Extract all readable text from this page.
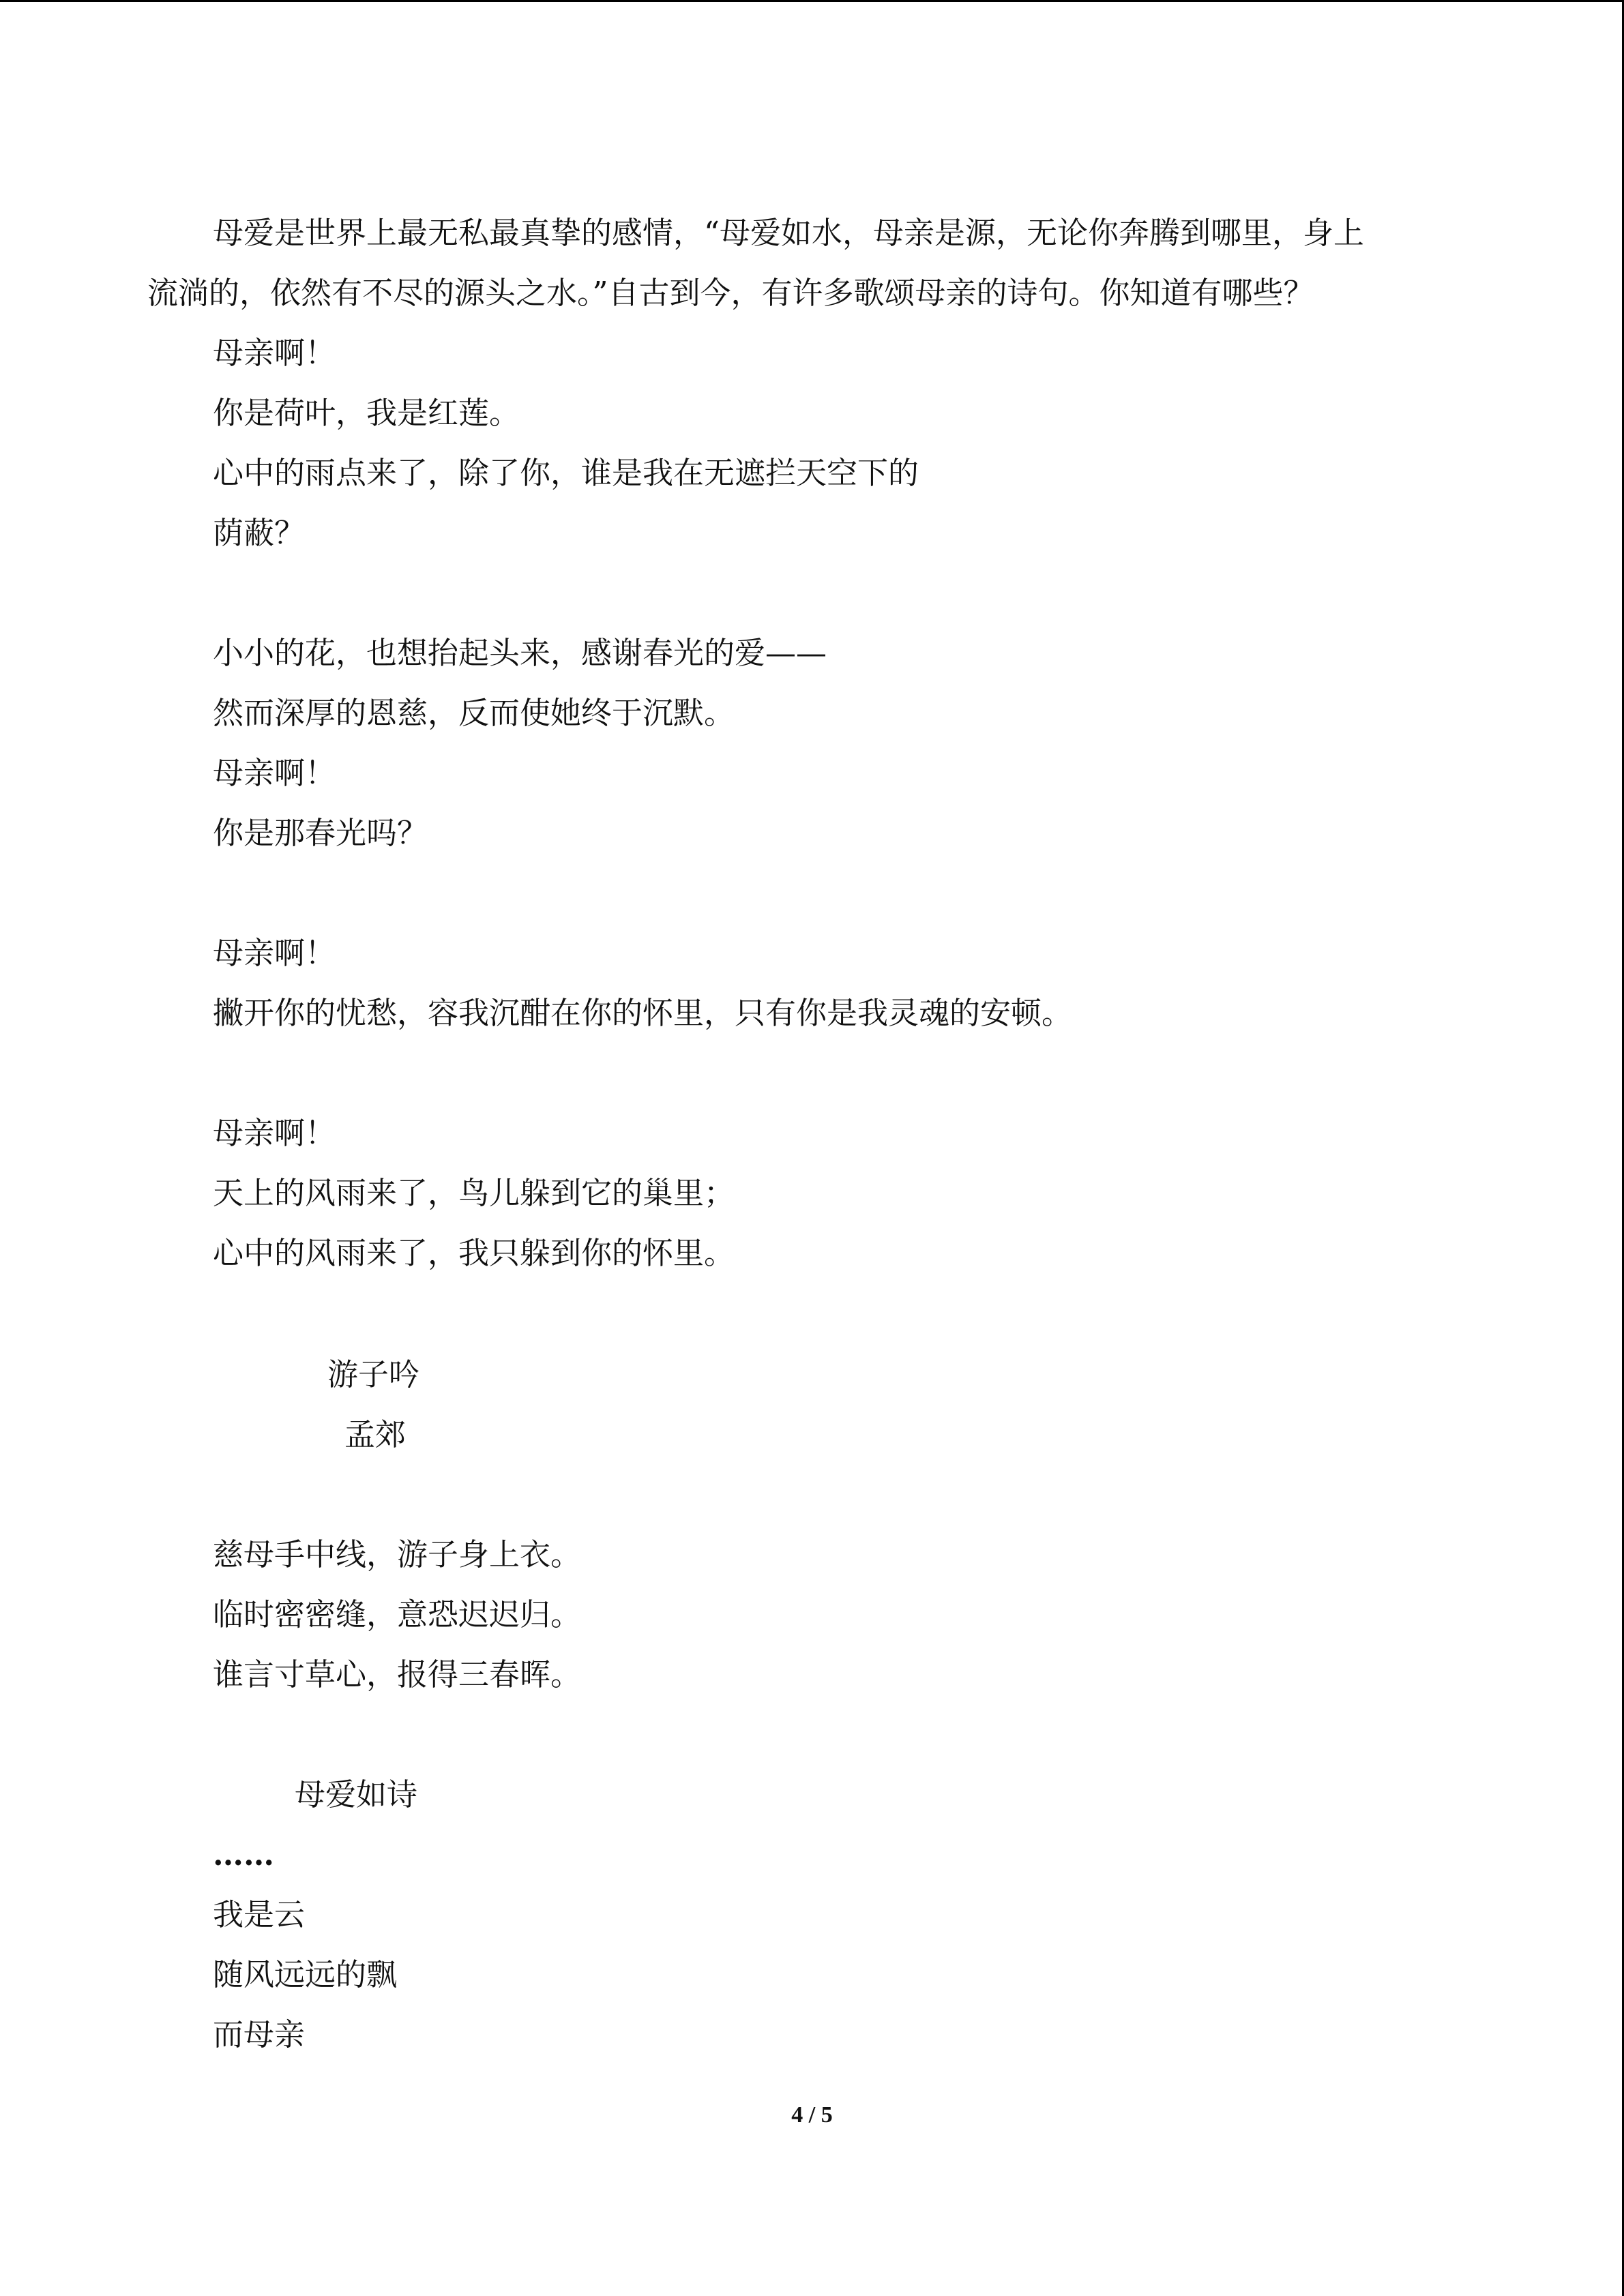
母爱是世界上最无私最真挚的感情，“母爱如水，母亲是源，无论你奔腾到哪里，身上
流淌的，依然有不尽的源头之水。”自古到今，有许多歌颂母亲的诗句。你知道有哪些？
母亲啊！
你是荷叶，我是红莲。
心中的雨点来了，除了你，谁是我在无遮拦天空下的
荫蔽？
小小的花，也想抬起头来，感谢春光的爱——
然而深厚的恩慈，反而使她终于沉默。
母亲啊！
你是那春光吗？
母亲啊！
撇开你的忧愁，容我沉酣在你的怀里，只有你是我灵魂的安顿。
母亲啊！
天上的风雨来了，鸟儿躲到它的巢里；
心中的风雨来了，我只躲到你的怀里。
游子吟
孟郊
慈母手中线，游子身上衣。
临时密密缝，意恐迟迟归。
谁言寸草心，报得三春晖。
母爱如诗
……
我是云
随风远远的飘
而母亲
4 / 5
